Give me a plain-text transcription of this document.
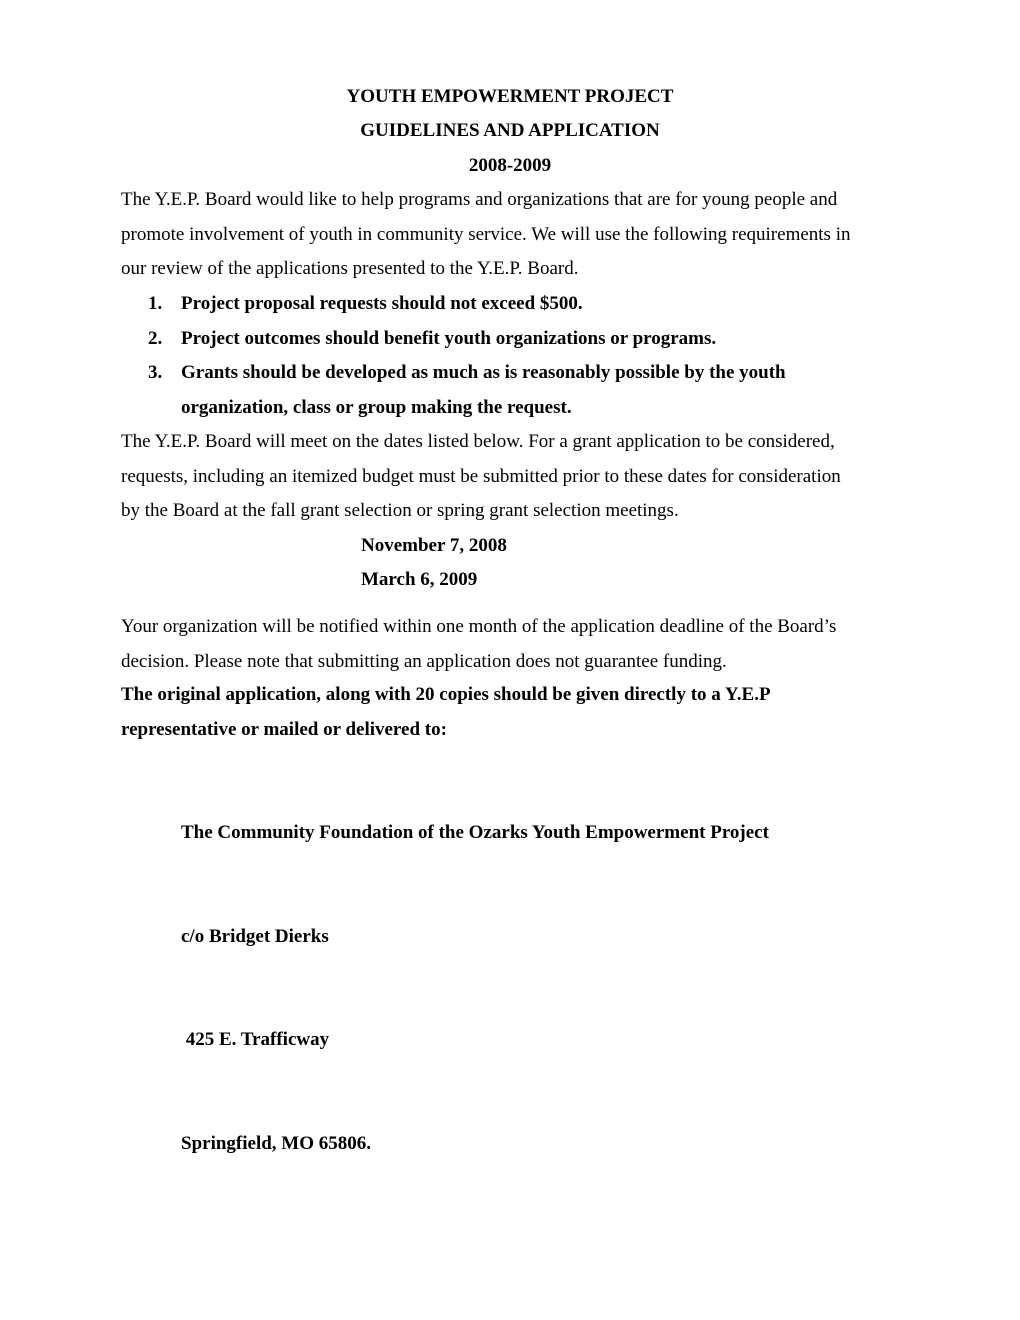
YOUTH EMPOWERMENT PROJECT
GUIDELINES AND APPLICATION
2008-2009
The Y.E.P. Board would like to help programs and organizations that are for young people and
promote involvement of youth in community service. We will use the following requirements in
our review of the applications presented to the Y.E.P. Board.
1. Project proposal requests should not exceed $500.
2. Project outcomes should benefit youth organizations or programs.
3. Grants should be developed as much as is reasonably possible by the youth
organization, class or group making the request.
The Y.E.P. Board will meet on the dates listed below. For a grant application to be considered,
requests, including an itemized budget must be submitted prior to these dates for consideration
by the Board at the fall grant selection or spring grant selection meetings.
November 7, 2008
March 6, 2009
Your organization will be notified within one month of the application deadline of the Board’s
decision. Please note that submitting an application does not guarantee funding.
The original application, along with 20 copies should be given directly to a Y.E.P
representative or mailed or delivered to:

The Community Foundation of the Ozarks Youth Empowerment Project

c/o Bridget Dierks

425 E. Trafficway

Springfield, MO 65806.
